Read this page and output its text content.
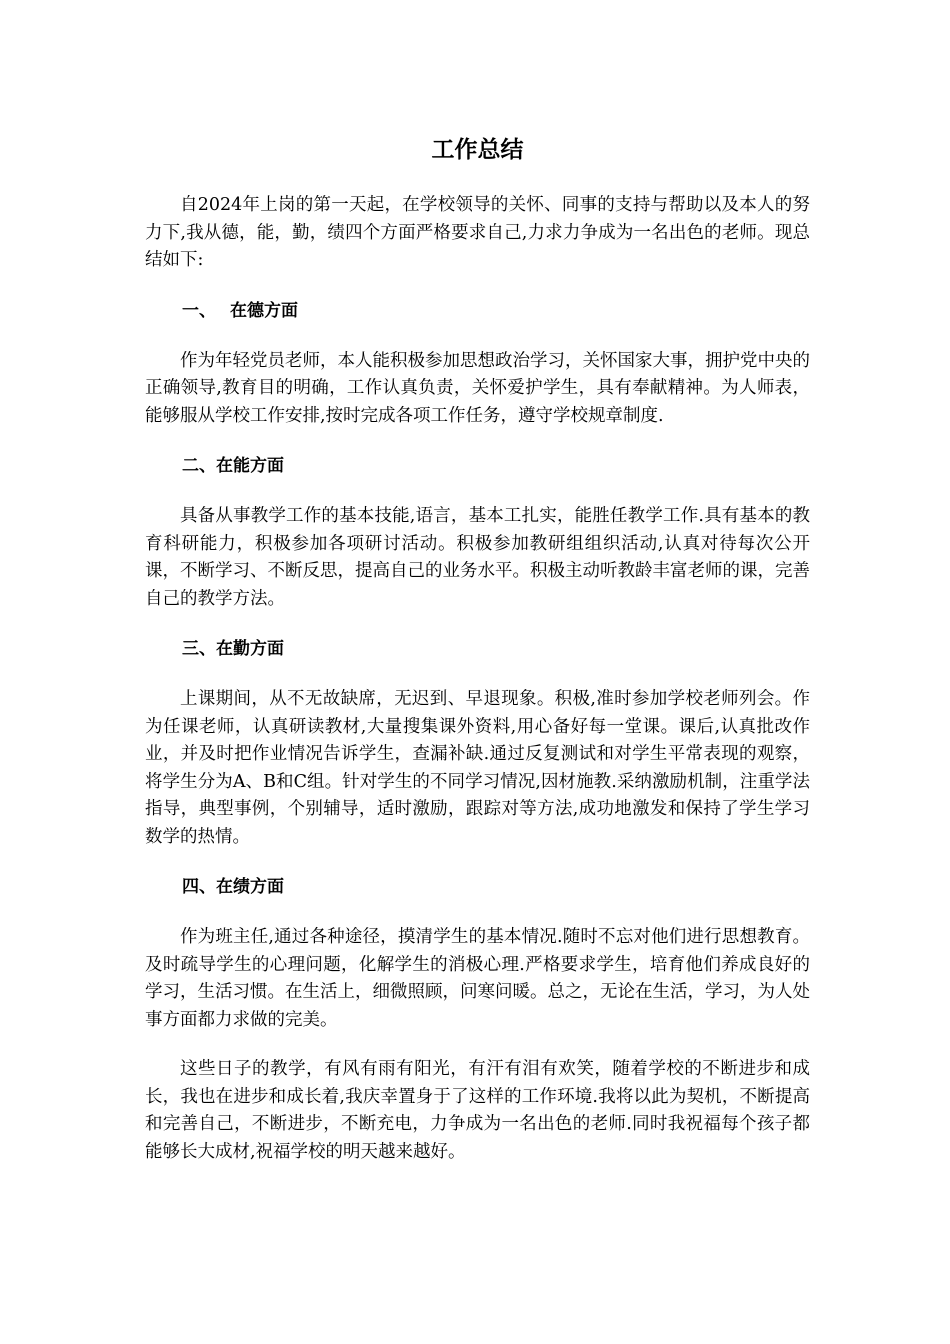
工作总结

自2024年上岗的第一天起，在学校领导的关怀、同事的支持与帮助以及本人的努力下,我从德，能，勤，绩四个方面严格要求自己,力求力争成为一名出色的老师。现总结如下:

一、 在德方面

作为年轻党员老师，本人能积极参加思想政治学习，关怀国家大事，拥护党中央的正确领导,教育目的明确，工作认真负责，关怀爱护学生，具有奉献精神。为人师表，能够服从学校工作安排,按时完成各项工作任务，遵守学校规章制度.

二、在能方面

具备从事教学工作的基本技能,语言，基本工扎实，能胜任教学工作.具有基本的教育科研能力，积极参加各项研讨活动。积极参加教研组组织活动,认真对待每次公开课，不断学习、不断反思，提高自己的业务水平。积极主动听教龄丰富老师的课，完善自己的教学方法。

三、在勤方面

上课期间，从不无故缺席，无迟到、早退现象。积极,准时参加学校老师列会。作为任课老师，认真研读教材,大量搜集课外资料,用心备好每一堂课。课后,认真批改作业，并及时把作业情况告诉学生，查漏补缺.通过反复测试和对学生平常表现的观察，将学生分为A、B和C组。针对学生的不同学习情况,因材施教.采纳激励机制，注重学法指导，典型事例，个别辅导，适时激励，跟踪对等方法,成功地激发和保持了学生学习数学的热情。

四、在绩方面

作为班主任,通过各种途径，摸清学生的基本情况.随时不忘对他们进行思想教育。及时疏导学生的心理问题，化解学生的消极心理.严格要求学生，培育他们养成良好的学习，生活习惯。在生活上，细微照顾，问寒问暖。总之，无论在生活，学习，为人处事方面都力求做的完美。

这些日子的教学，有风有雨有阳光，有汗有泪有欢笑，随着学校的不断进步和成长，我也在进步和成长着,我庆幸置身于了这样的工作环境.我将以此为契机，不断提高和完善自己，不断进步，不断充电，力争成为一名出色的老师.同时我祝福每个孩子都能够长大成材,祝福学校的明天越来越好。
